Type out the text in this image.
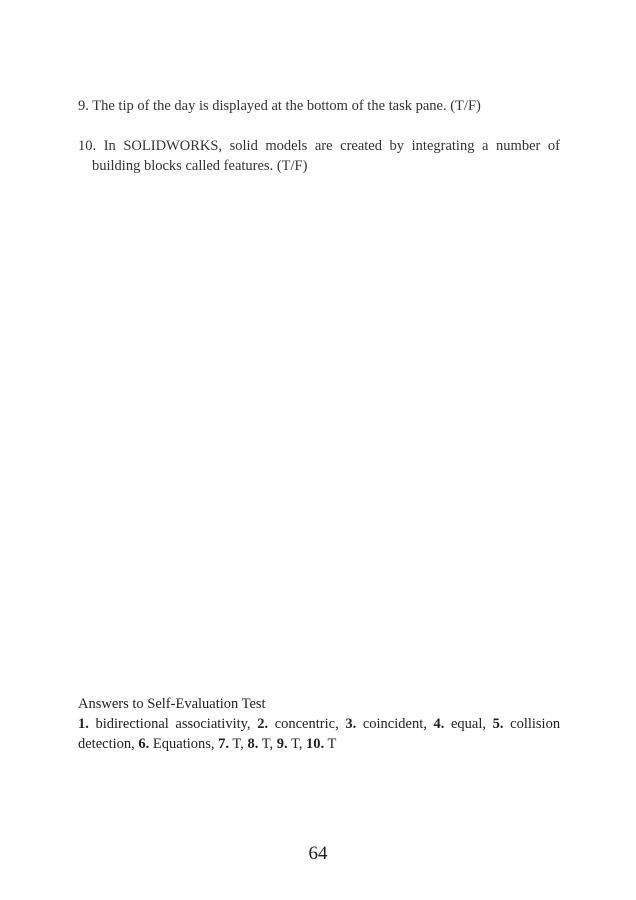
9. The tip of the day is displayed at the bottom of the task pane. (T/F)
10. In SOLIDWORKS, solid models are created by integrating a number of building blocks called features. (T/F)
Answers to Self-Evaluation Test
1. bidirectional associativity, 2. concentric, 3. coincident, 4. equal, 5. collision detection, 6. Equations, 7. T, 8. T, 9. T, 10. T
64
